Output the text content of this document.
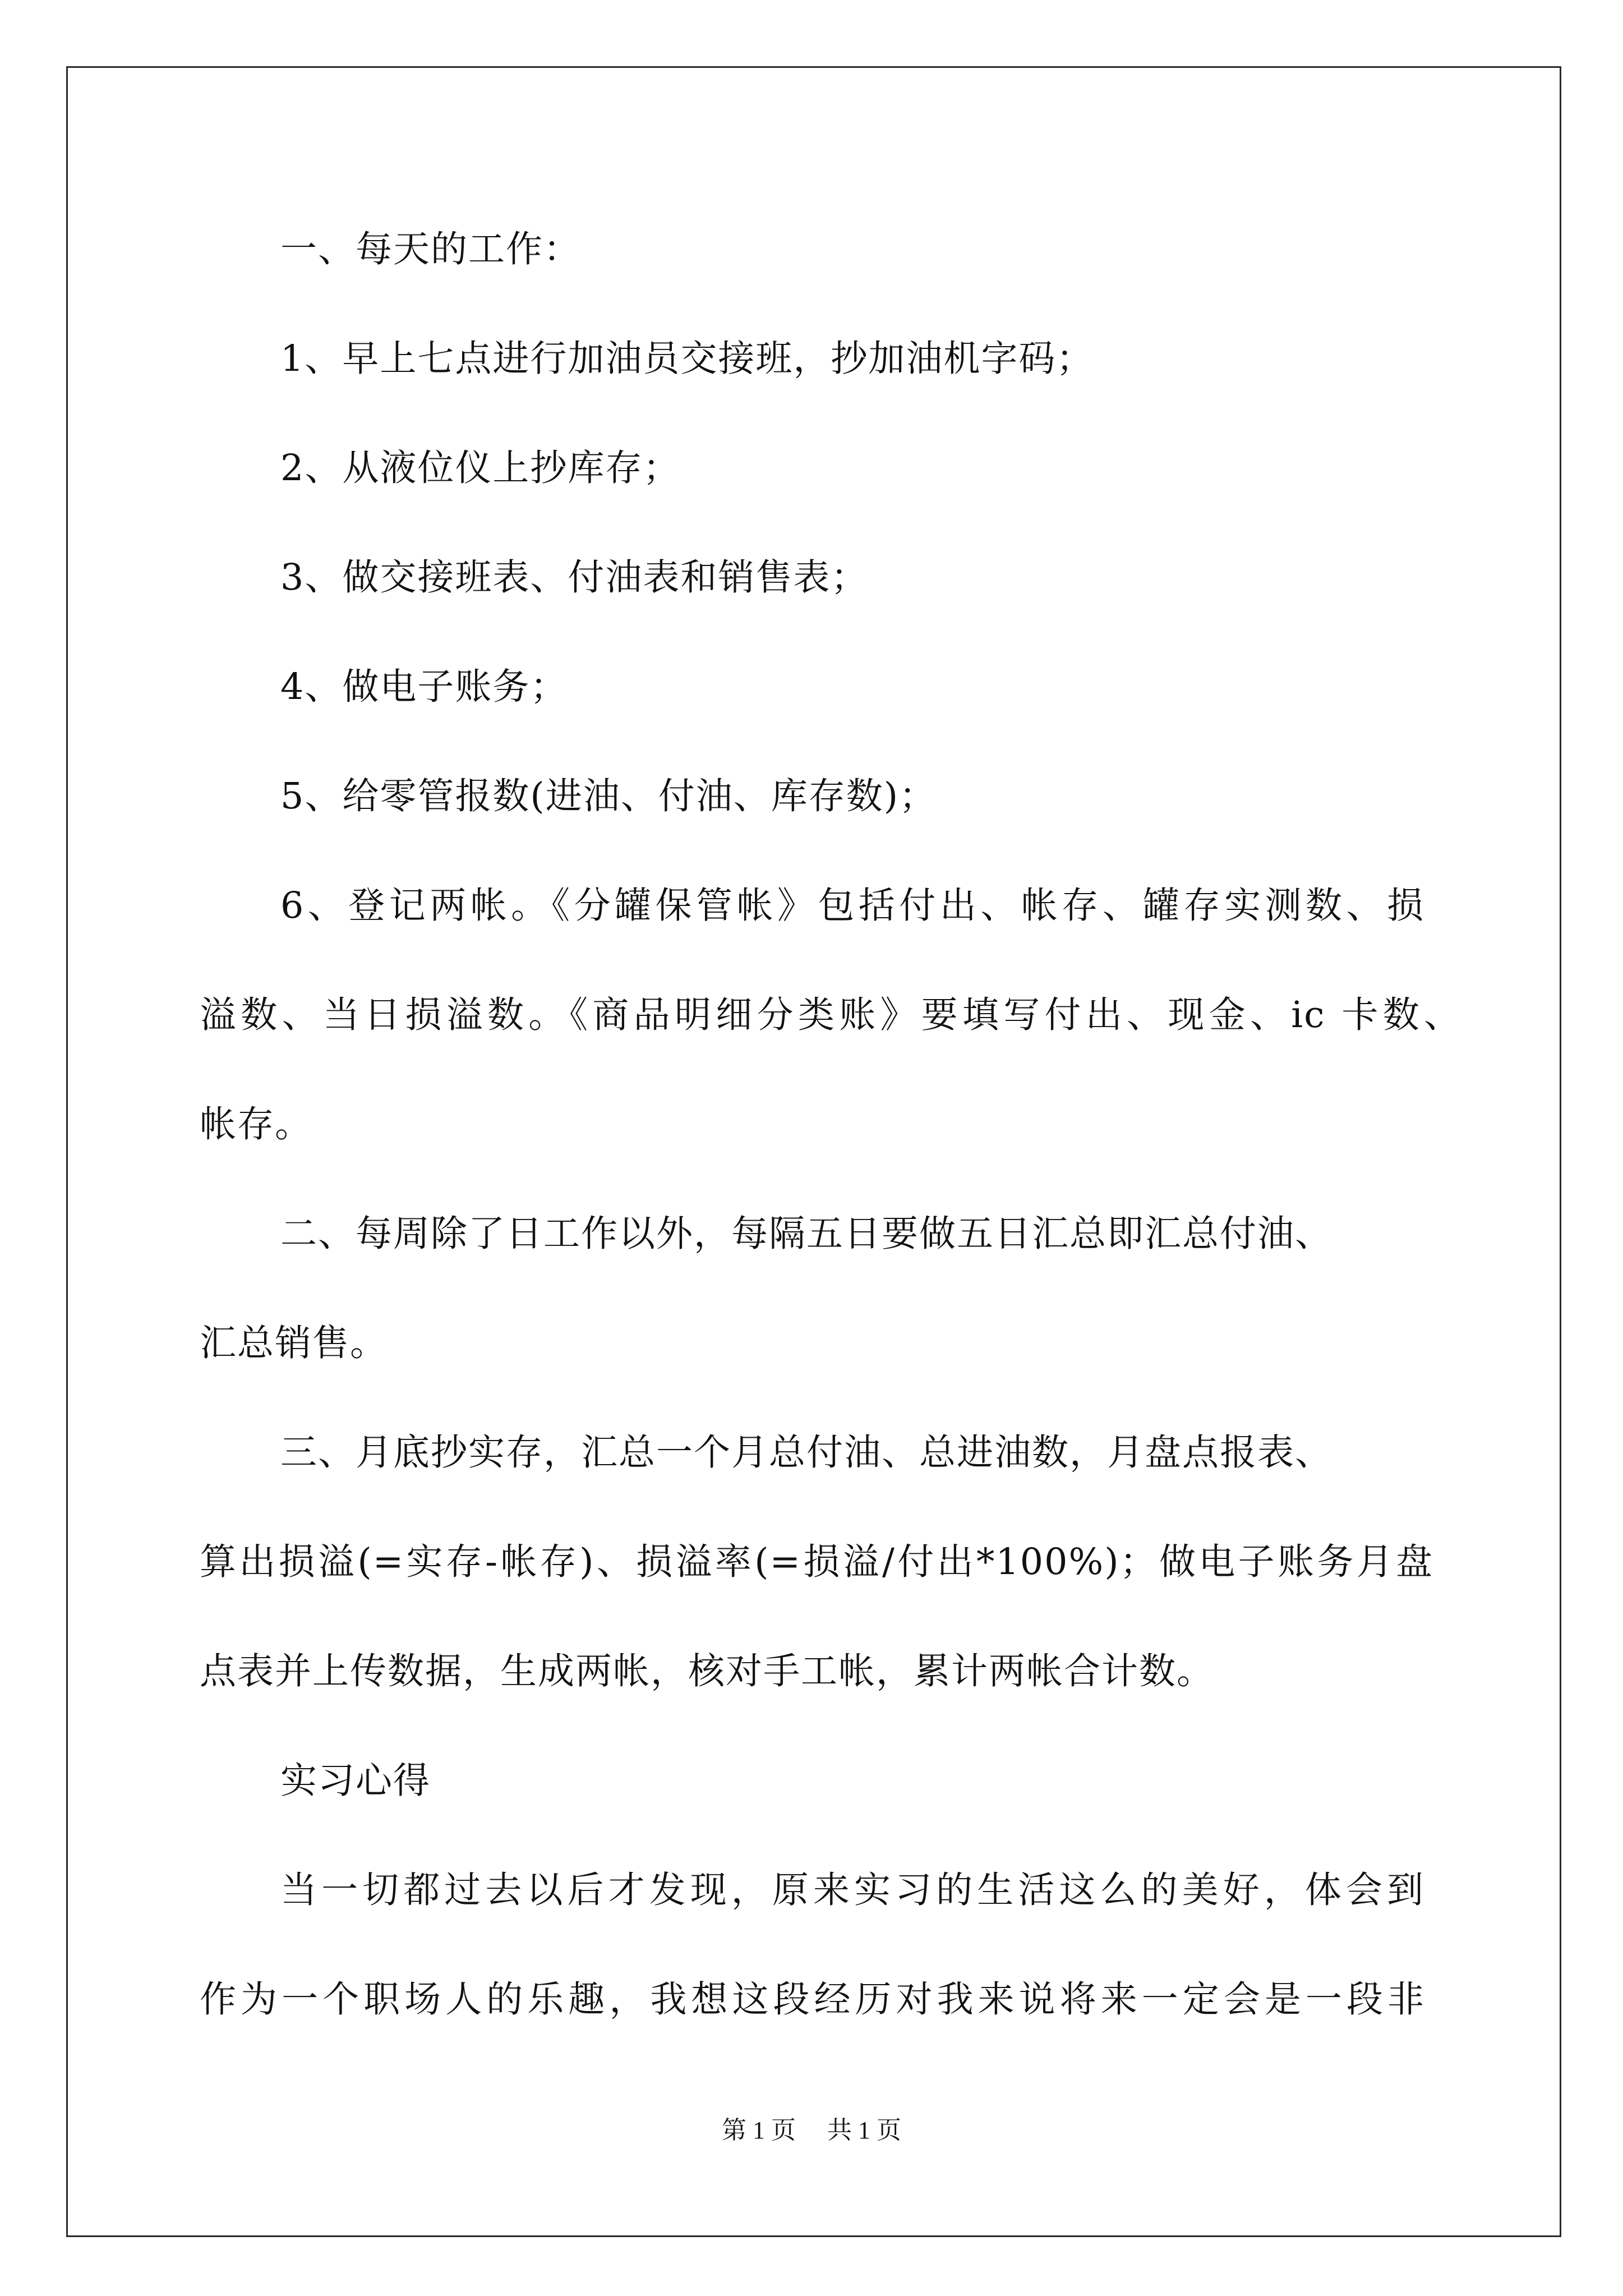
一、每天的工作：
1、早上七点进行加油员交接班，抄加油机字码；
2、从液位仪上抄库存；
3、做交接班表、付油表和销售表；
4、做电子账务；
5、给零管报数(进油、付油、库存数)；
6、登记两帐。《分罐保管帐》包括付出、帐存、罐存实测数、损
溢数、当日损溢数。《商品明细分类账》要填写付出、现金、ic 卡数、
帐存。
二、每周除了日工作以外，每隔五日要做五日汇总即汇总付油、
汇总销售。
三、月底抄实存，汇总一个月总付油、总进油数，月盘点报表、
算出损溢(=实存-帐存)、损溢率(=损溢/付出*100%)；做电子账务月盘
点表并上传数据，生成两帐，核对手工帐，累计两帐合计数。
实习心得
当一切都过去以后才发现，原来实习的生活这么的美好，体会到
作为一个职场人的乐趣，我想这段经历对我来说将来一定会是一段非
第 1 页 共 1 页
